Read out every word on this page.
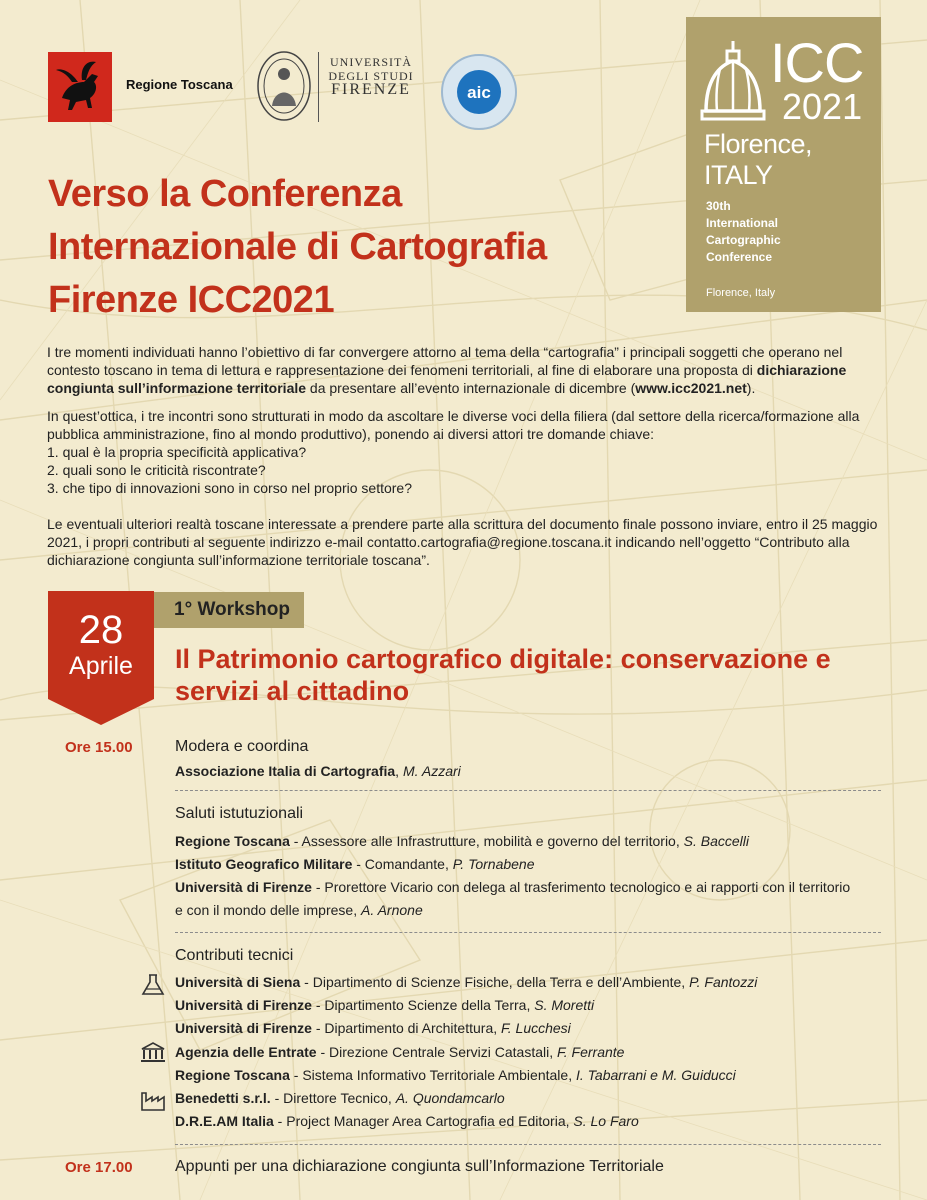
Regione Toscana
UNIVERSITÀ
DEGLI STUDI
FIRENZE	aic	ICC
2021
Florence, ITALY
30th
International
Cartographic
Conference
Florence, Italy
Verso la Conferenza
Internazionale di Cartografia
Firenze ICC2021
I tre momenti individuati hanno l’obiettivo di far convergere attorno al tema della “cartografia” i principali soggetti che operano nel contesto toscano in tema di lettura e rappresentazione dei fenomeni territoriali, al fine di elaborare una proposta di dichiarazione congiunta sull’informazione territoriale da presentare all’evento internazionale di dicembre (www.icc2021.net).
In quest’ottica, i tre incontri sono strutturati in modo da ascoltare le diverse voci della filiera (dal settore della ricerca/formazione alla pubblica amministrazione, fino al mondo produttivo), ponendo ai diversi attori tre domande chiave:
1. qual è la propria specificità applicativa?
2. quali sono le criticità riscontrate?
3. che tipo di innovazioni sono in corso nel proprio settore?
Le eventuali ulteriori realtà toscane interessate a prendere parte alla scrittura del documento finale possono inviare, entro il 25 maggio 2021, i propri contributi al seguente indirizzo e-mail contatto.cartografia@regione.toscana.it indicando nell’oggetto “Contributo alla dichiarazione congiunta sull’informazione territoriale toscana”.
28
Aprile
1° Workshop
Il Patrimonio cartografico digitale: conservazione e servizi al cittadino
Ore 15.00	Modera e coordina
Associazione Italia di Cartografia, M. Azzari
Saluti istutuzionali
Regione Toscana - Assessore alle Infrastrutture, mobilità e governo del territorio, S. Baccelli
Istituto Geografico Militare - Comandante, P. Tornabene
Università di Firenze - Prorettore Vicario con delega al trasferimento tecnologico e ai rapporti con il territorio
e con il mondo delle imprese, A. Arnone
Contributi tecnici
Università di Siena - Dipartimento di Scienze Fisiche, della Terra e dell’Ambiente, P. Fantozzi
Università di Firenze - Dipartimento Scienze della Terra, S. Moretti
Università di Firenze - Dipartimento di Architettura, F. Lucchesi
Agenzia delle Entrate - Direzione Centrale Servizi Catastali, F. Ferrante
Regione Toscana - Sistema Informativo Territoriale Ambientale, I. Tabarrani e M. Guiducci
Benedetti s.r.l. - Direttore Tecnico, A. Quondamcarlo
D.R.E.AM Italia - Project Manager Area Cartografia ed Editoria, S. Lo Faro
Ore 17.00	Appunti per una dichiarazione congiunta sull’Informazione Territoriale
